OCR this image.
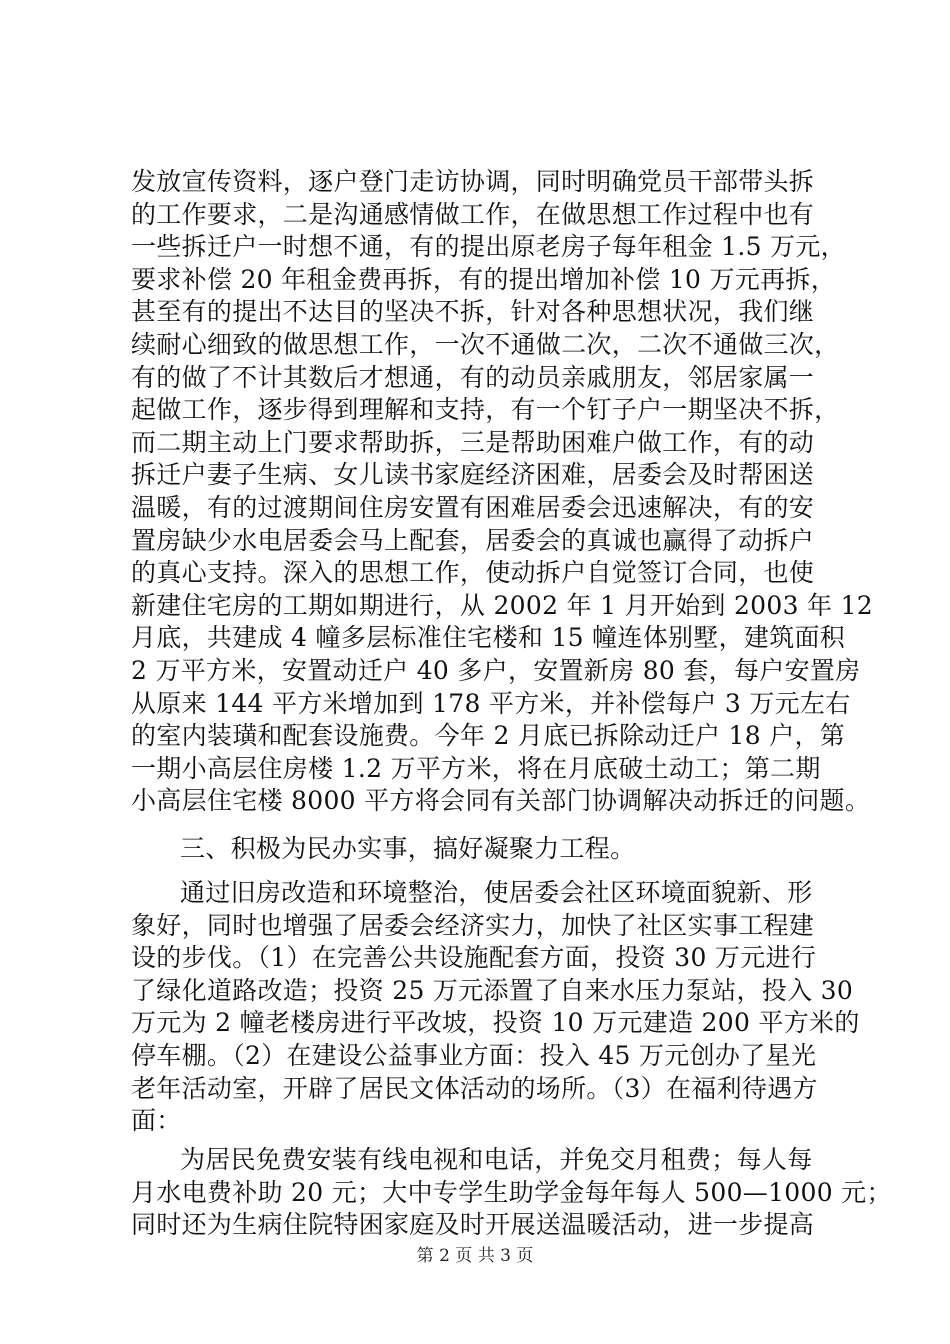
发放宣传资料，逐户登门走访协调，同时明确党员干部带头拆
的工作要求，二是沟通感情做工作，在做思想工作过程中也有
一些拆迁户一时想不通，有的提出原老房子每年租金 1.5 万元，
要求补偿 20 年租金费再拆，有的提出增加补偿 10 万元再拆，
甚至有的提出不达目的坚决不拆，针对各种思想状况，我们继
续耐心细致的做思想工作，一次不通做二次，二次不通做三次，
有的做了不计其数后才想通，有的动员亲戚朋友，邻居家属一
起做工作，逐步得到理解和支持，有一个钉子户一期坚决不拆，
而二期主动上门要求帮助拆，三是帮助困难户做工作，有的动
拆迁户妻子生病、女儿读书家庭经济困难，居委会及时帮困送
温暖，有的过渡期间住房安置有困难居委会迅速解决，有的安
置房缺少水电居委会马上配套，居委会的真诚也赢得了动拆户
的真心支持。深入的思想工作，使动拆户自觉签订合同，也使
新建住宅房的工期如期进行，从 2002 年 1 月开始到 2003 年 12
月底，共建成 4 幢多层标准住宅楼和 15 幢连体别墅，建筑面积
2 万平方米，安置动迁户 40 多户，安置新房 80 套，每户安置房
从原来 144 平方米增加到 178 平方米，并补偿每户 3 万元左右
的室内装璜和配套设施费。今年 2 月底已拆除动迁户 18 户，第
一期小高层住房楼 1.2 万平方米，将在月底破土动工；第二期
小高层住宅楼 8000 平方将会同有关部门协调解决动拆迁的问题。
三、积极为民办实事，搞好凝聚力工程。
通过旧房改造和环境整治，使居委会社区环境面貌新、形
象好，同时也增强了居委会经济实力，加快了社区实事工程建
设的步伐。（1）在完善公共设施配套方面，投资 30 万元进行
了绿化道路改造；投资 25 万元添置了自来水压力泵站，投入 30
万元为 2 幢老楼房进行平改坡，投资 10 万元建造 200 平方米的
停车棚。（2）在建设公益事业方面：投入 45 万元创办了星光
老年活动室，开辟了居民文体活动的场所。（3）在福利待遇方
面：
为居民免费安装有线电视和电话，并免交月租费；每人每
月水电费补助 20 元；大中专学生助学金每年每人 500—1000 元；
同时还为生病住院特困家庭及时开展送温暖活动，进一步提高
第 2 页 共 3 页
